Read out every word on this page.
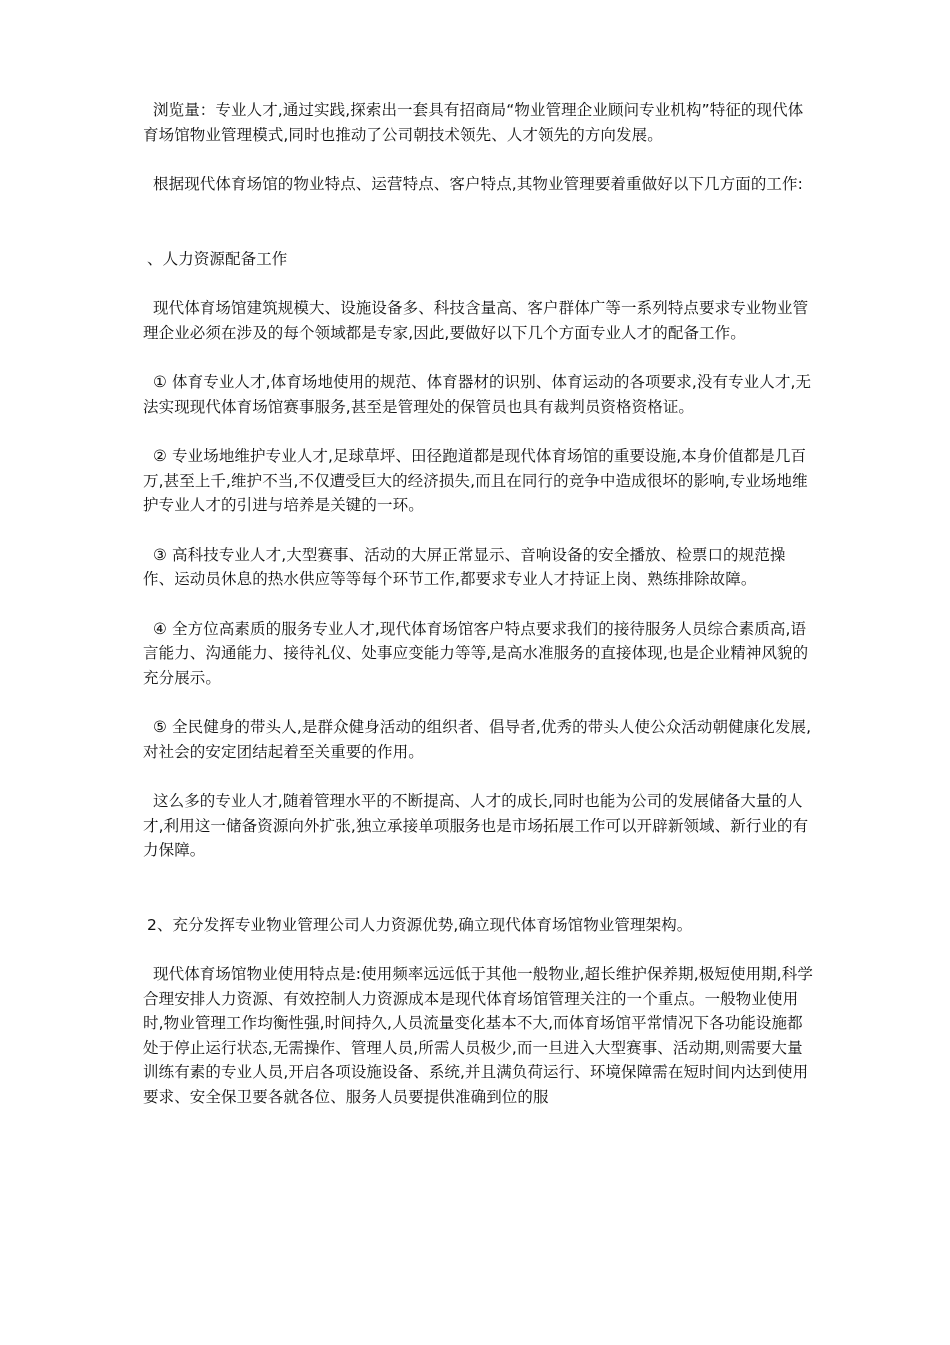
浏览量：专业人才,通过实践,探索出一套具有招商局“物业管理企业顾问专业机构”特征的现代体育场馆物业管理模式,同时也推动了公司朝技术领先、人才领先的方向发展。

根据现代体育场馆的物业特点、运营特点、客户特点,其物业管理要着重做好以下几方面的工作:

、人力资源配备工作

现代体育场馆建筑规模大、设施设备多、科技含量高、客户群体广等一系列特点要求专业物业管理企业必须在涉及的每个领域都是专家,因此,要做好以下几个方面专业人才的配备工作。

① 体育专业人才,体育场地使用的规范、体育器材的识别、体育运动的各项要求,没有专业人才,无法实现现代体育场馆赛事服务,甚至是管理处的保管员也具有裁判员资格资格证。

② 专业场地维护专业人才,足球草坪、田径跑道都是现代体育场馆的重要设施,本身价值都是几百万,甚至上千,维护不当,不仅遭受巨大的经济损失,而且在同行的竞争中造成很坏的影响,专业场地维护专业人才的引进与培养是关键的一环。

③ 高科技专业人才,大型赛事、活动的大屏正常显示、音响设备的安全播放、检票口的规范操作、运动员休息的热水供应等等每个环节工作,都要求专业人才持证上岗、熟练排除故障。

④ 全方位高素质的服务专业人才,现代体育场馆客户特点要求我们的接待服务人员综合素质高,语言能力、沟通能力、接待礼仪、处事应变能力等等,是高水准服务的直接体现,也是企业精神风貌的充分展示。

⑤ 全民健身的带头人,是群众健身活动的组织者、倡导者,优秀的带头人使公众活动朝健康化发展,对社会的安定团结起着至关重要的作用。

这么多的专业人才,随着管理水平的不断提高、人才的成长,同时也能为公司的发展储备大量的人才,利用这一储备资源向外扩张,独立承接单项服务也是市场拓展工作可以开辟新领域、新行业的有力保障。

2、充分发挥专业物业管理公司人力资源优势,确立现代体育场馆物业管理架构。

现代体育场馆物业使用特点是:使用频率远远低于其他一般物业,超长维护保养期,极短使用期,科学合理安排人力资源、有效控制人力资源成本是现代体育场馆管理关注的一个重点。一般物业使用时,物业管理工作均衡性强,时间持久,人员流量变化基本不大,而体育场馆平常情况下各功能设施都处于停止运行状态,无需操作、管理人员,所需人员极少,而一旦进入大型赛事、活动期,则需要大量训练有素的专业人员,开启各项设施设备、系统,并且满负荷运行、环境保障需在短时间内达到使用要求、安全保卫要各就各位、服务人员要提供准确到位的服
